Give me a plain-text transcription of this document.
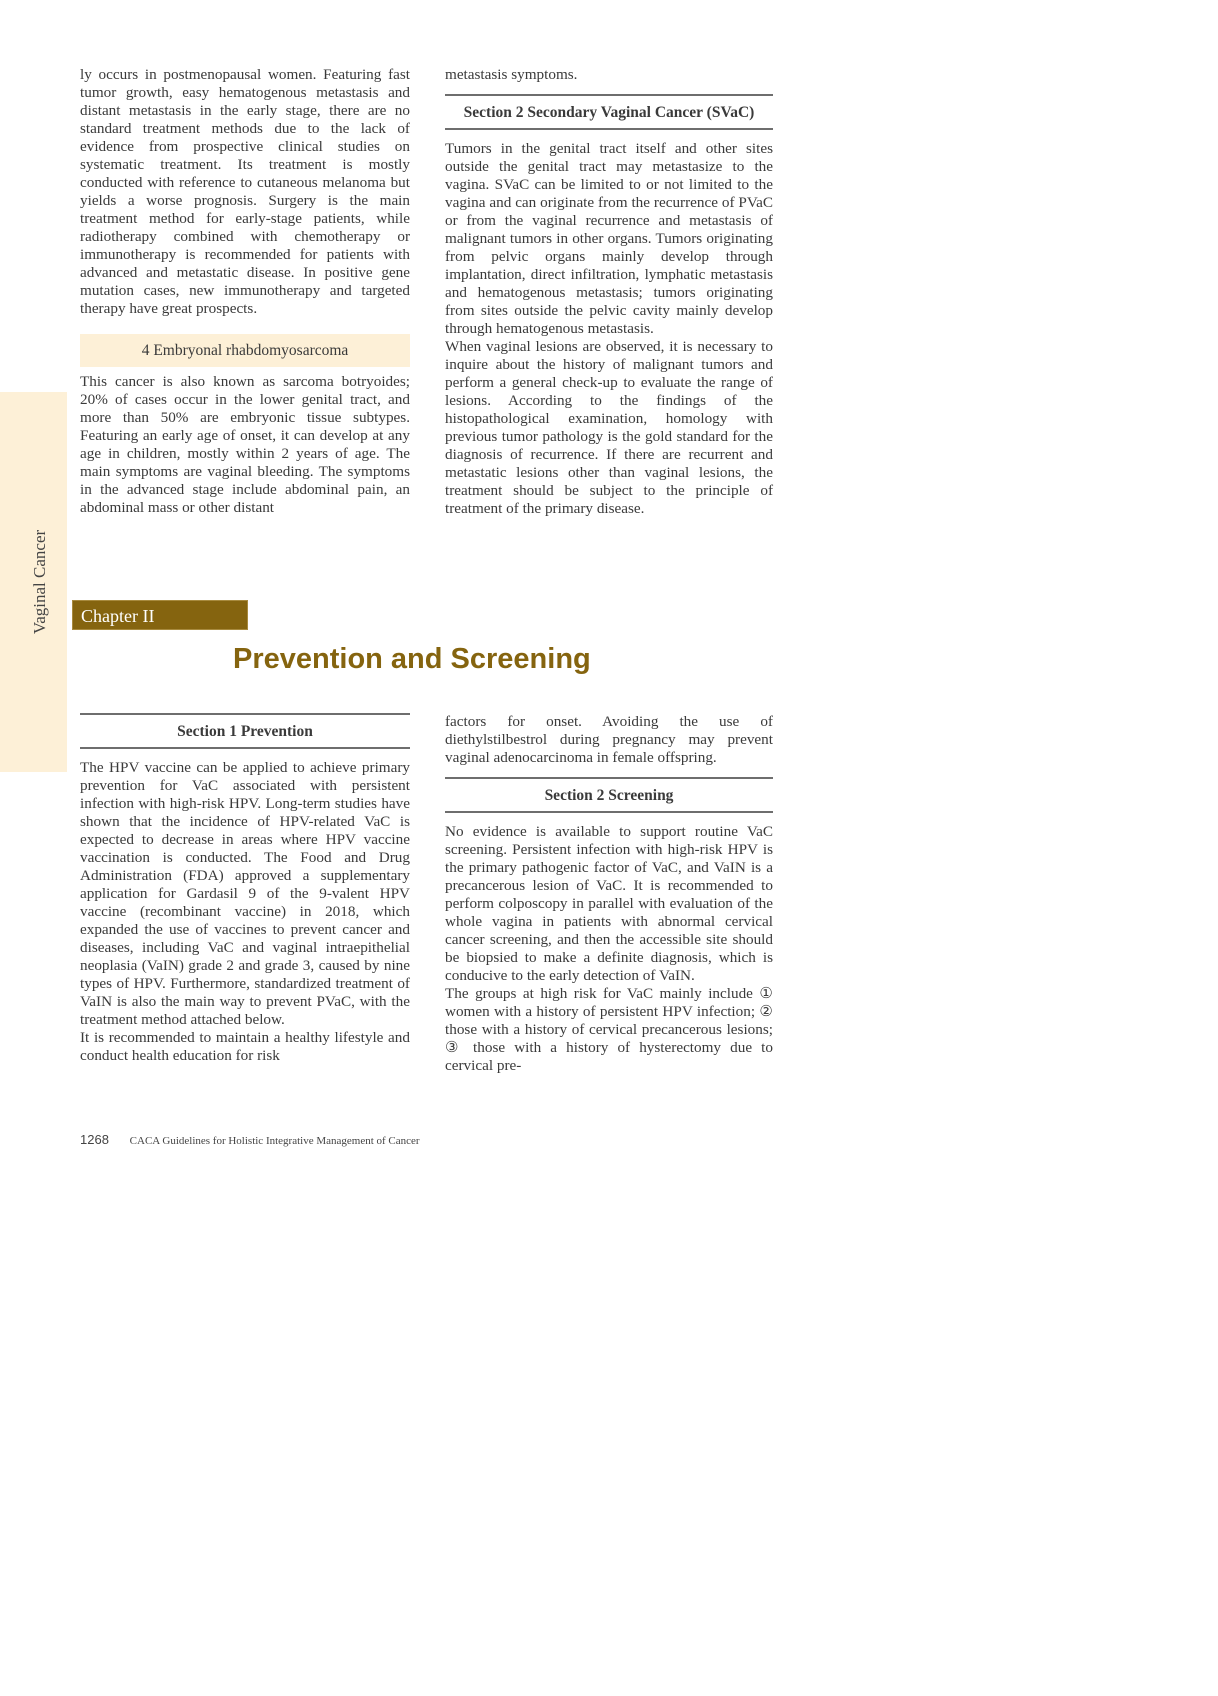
Vaginal Cancer

ly occurs in postmenopausal women. Featuring fast tumor growth, easy hematogenous metastasis and distant metastasis in the early stage, there are no standard treatment methods due to the lack of evidence from prospective clinical studies on systematic treatment. Its treatment is mostly conducted with reference to cutaneous melanoma but yields a worse prognosis. Surgery is the main treatment method for early-stage patients, while radiotherapy combined with chemotherapy or immunotherapy is recommended for patients with advanced and metastatic disease. In positive gene mutation cases, new immunotherapy and targeted therapy have great prospects.

4 Embryonal rhabdomyosarcoma

This cancer is also known as sarcoma botryoides; 20% of cases occur in the lower genital tract, and more than 50% are embryonic tissue subtypes. Featuring an early age of onset, it can develop at any age in children, mostly within 2 years of age. The main symptoms are vaginal bleeding. The symptoms in the advanced stage include abdominal pain, an abdominal mass or other distant

metastasis symptoms.

Section 2 Secondary Vaginal Cancer (SVaC)

Tumors in the genital tract itself and other sites outside the genital tract may metastasize to the vagina. SVaC can be limited to or not limited to the vagina and can originate from the recurrence of PVaC or from the vaginal recurrence and metastasis of malignant tumors in other organs. Tumors originating from pelvic organs mainly develop through implantation, direct infiltration, lymphatic metastasis and hematogenous metastasis; tumors originating from sites outside the pelvic cavity mainly develop through hematogenous metastasis.

When vaginal lesions are observed, it is necessary to inquire about the history of malignant tumors and perform a general check-up to evaluate the range of lesions. According to the findings of the histopathological examination, homology with previous tumor pathology is the gold standard for the diagnosis of recurrence. If there are recurrent and metastatic lesions other than vaginal lesions, the treatment should be subject to the principle of treatment of the primary disease.

Chapter II
Prevention and Screening
Section 1 Prevention

The HPV vaccine can be applied to achieve primary prevention for VaC associated with persistent infection with high-risk HPV. Long-term studies have shown that the incidence of HPV-related VaC is expected to decrease in areas where HPV vaccine vaccination is conducted. The Food and Drug Administration (FDA) approved a supplementary application for Gardasil 9 of the 9-valent HPV vaccine (recombinant vaccine) in 2018, which expanded the use of vaccines to prevent cancer and diseases, including VaC and vaginal intraepithelial neoplasia (VaIN) grade 2 and grade 3, caused by nine types of HPV. Furthermore, standardized treatment of VaIN is also the main way to prevent PVaC, with the treatment method attached below.

It is recommended to maintain a healthy lifestyle and conduct health education for risk

factors for onset. Avoiding the use of diethylstilbestrol during pregnancy may prevent vaginal adenocarcinoma in female offspring.

Section 2 Screening

No evidence is available to support routine VaC screening. Persistent infection with high-risk HPV is the primary pathogenic factor of VaC, and VaIN is a precancerous lesion of VaC. It is recommended to perform colposcopy in parallel with evaluation of the whole vagina in patients with abnormal cervical cancer screening, and then the accessible site should be biopsied to make a definite diagnosis, which is conducive to the early detection of VaIN.

The groups at high risk for VaC mainly include ① women with a history of persistent HPV infection; ② those with a history of cervical precancerous lesions; ③ those with a history of hysterectomy due to cervical pre-

1268 CACA Guidelines for Holistic Integrative Management of Cancer
